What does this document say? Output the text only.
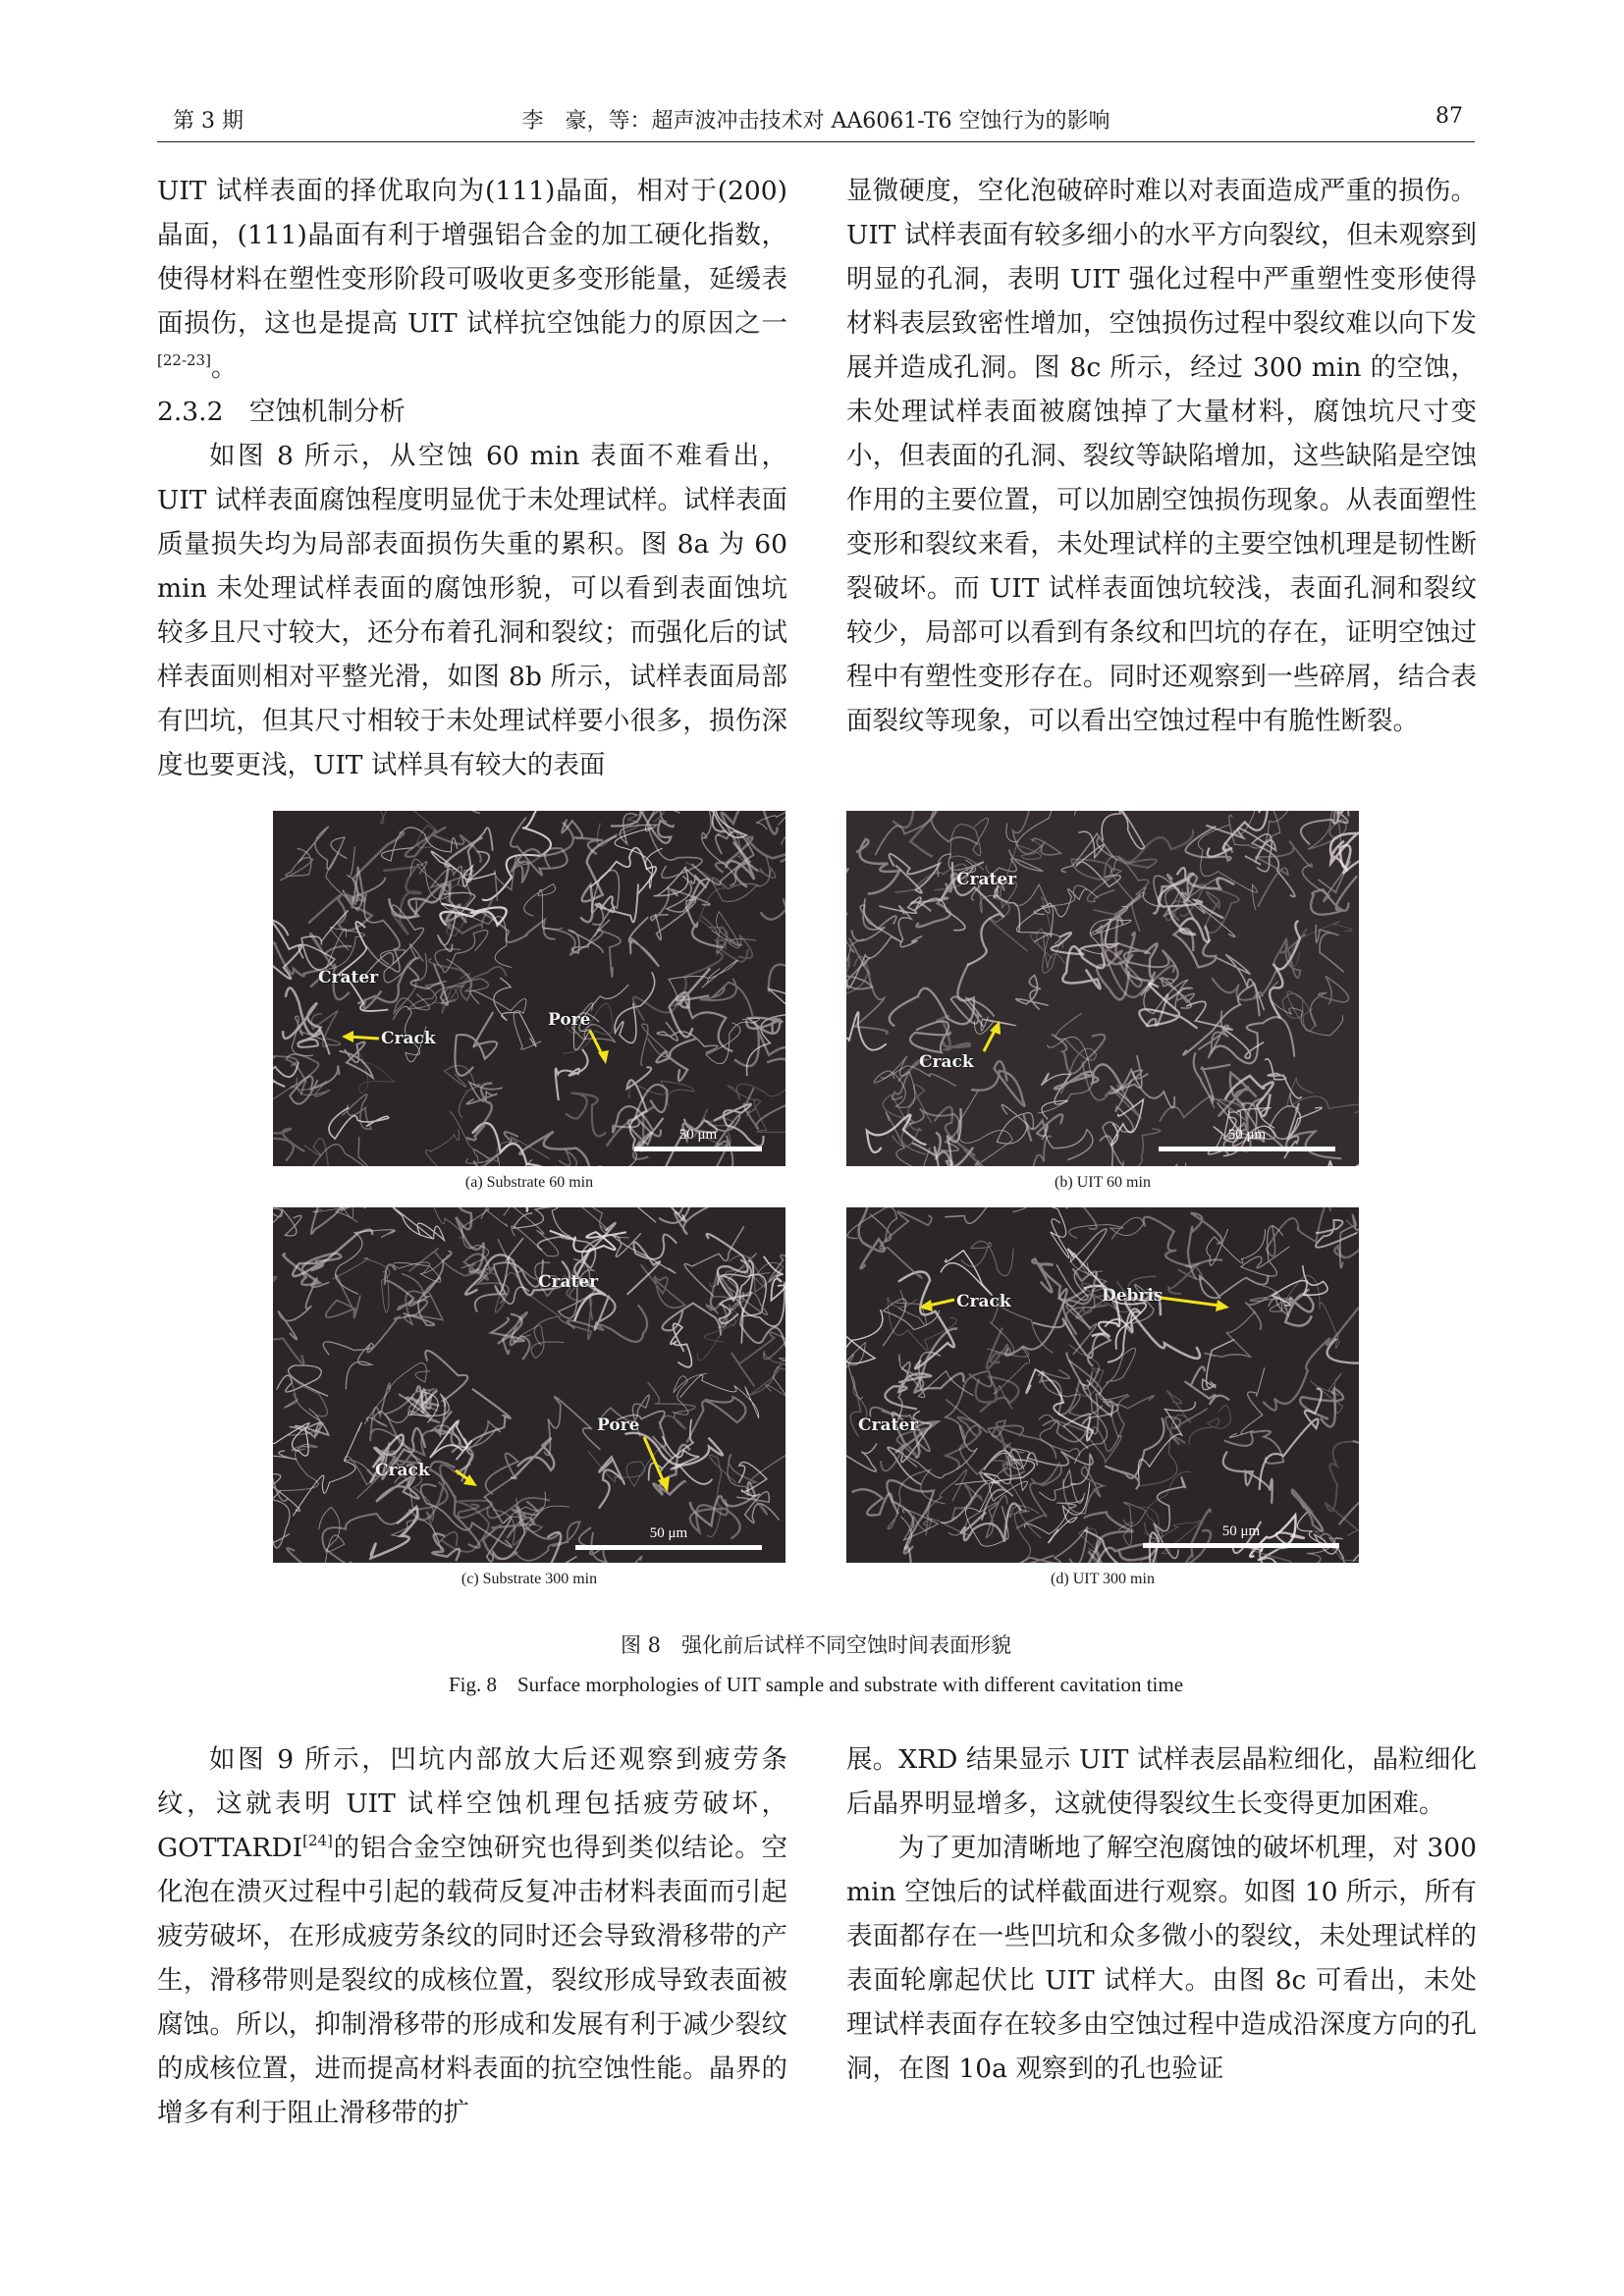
第 3 期	李　豪，等：超声波冲击技术对 AA6061-T6 空蚀行为的影响	87

UIT 试样表面的择优取向为(111)晶面，相对于(200)晶面，(111)晶面有利于增强铝合金的加工硬化指数，使得材料在塑性变形阶段可吸收更多变形能量，延缓表面损伤，这也是提高 UIT 试样抗空蚀能力的原因之一[22-23]。

2.3.2　空蚀机制分析

如图 8 所示，从空蚀 60 min 表面不难看出，UIT 试样表面腐蚀程度明显优于未处理试样。试样表面质量损失均为局部表面损伤失重的累积。图 8a 为 60 min 未处理试样表面的腐蚀形貌，可以看到表面蚀坑较多且尺寸较大，还分布着孔洞和裂纹；而强化后的试样表面则相对平整光滑，如图 8b 所示，试样表面局部有凹坑，但其尺寸相较于未处理试样要小很多，损伤深度也要更浅，UIT 试样具有较大的表面

显微硬度，空化泡破碎时难以对表面造成严重的损伤。UIT 试样表面有较多细小的水平方向裂纹，但未观察到明显的孔洞，表明 UIT 强化过程中严重塑性变形使得材料表层致密性增加，空蚀损伤过程中裂纹难以向下发展并造成孔洞。图 8c 所示，经过 300 min 的空蚀，未处理试样表面被腐蚀掉了大量材料，腐蚀坑尺寸变小，但表面的孔洞、裂纹等缺陷增加，这些缺陷是空蚀作用的主要位置，可以加剧空蚀损伤现象。从表面塑性变形和裂纹来看，未处理试样的主要空蚀机理是韧性断裂破坏。而 UIT 试样表面蚀坑较浅，表面孔洞和裂纹较少，局部可以看到有条纹和凹坑的存在，证明空蚀过程中有塑性变形存在。同时还观察到一些碎屑，结合表面裂纹等现象，可以看出空蚀过程中有脆性断裂。

Crater
Crack
Pore
50 μm
(a) Substrate 60 min
Crater
Crack
50 μm
(b) UIT 60 min
Crater
Pore
Crack
50 μm
(c) Substrate 300 min
Crack	Debris
Crater
50 μm
(d) UIT 300 min
图 8　强化前后试样不同空蚀时间表面形貌
Fig. 8　Surface morphologies of UIT sample and substrate with different cavitation time

如图 9 所示，凹坑内部放大后还观察到疲劳条纹，这就表明 UIT 试样空蚀机理包括疲劳破坏，GOTTARDI[24]的铝合金空蚀研究也得到类似结论。空化泡在溃灭过程中引起的载荷反复冲击材料表面而引起疲劳破坏，在形成疲劳条纹的同时还会导致滑移带的产生，滑移带则是裂纹的成核位置，裂纹形成导致表面被腐蚀。所以，抑制滑移带的形成和发展有利于减少裂纹的成核位置，进而提高材料表面的抗空蚀性能。晶界的增多有利于阻止滑移带的扩

展。XRD 结果显示 UIT 试样表层晶粒细化，晶粒细化后晶界明显增多，这就使得裂纹生长变得更加困难。

为了更加清晰地了解空泡腐蚀的破坏机理，对 300 min 空蚀后的试样截面进行观察。如图 10 所示，所有表面都存在一些凹坑和众多微小的裂纹，未处理试样的表面轮廓起伏比 UIT 试样大。由图 8c 可看出，未处理试样表面存在较多由空蚀过程中造成沿深度方向的孔洞，在图 10a 观察到的孔也验证
